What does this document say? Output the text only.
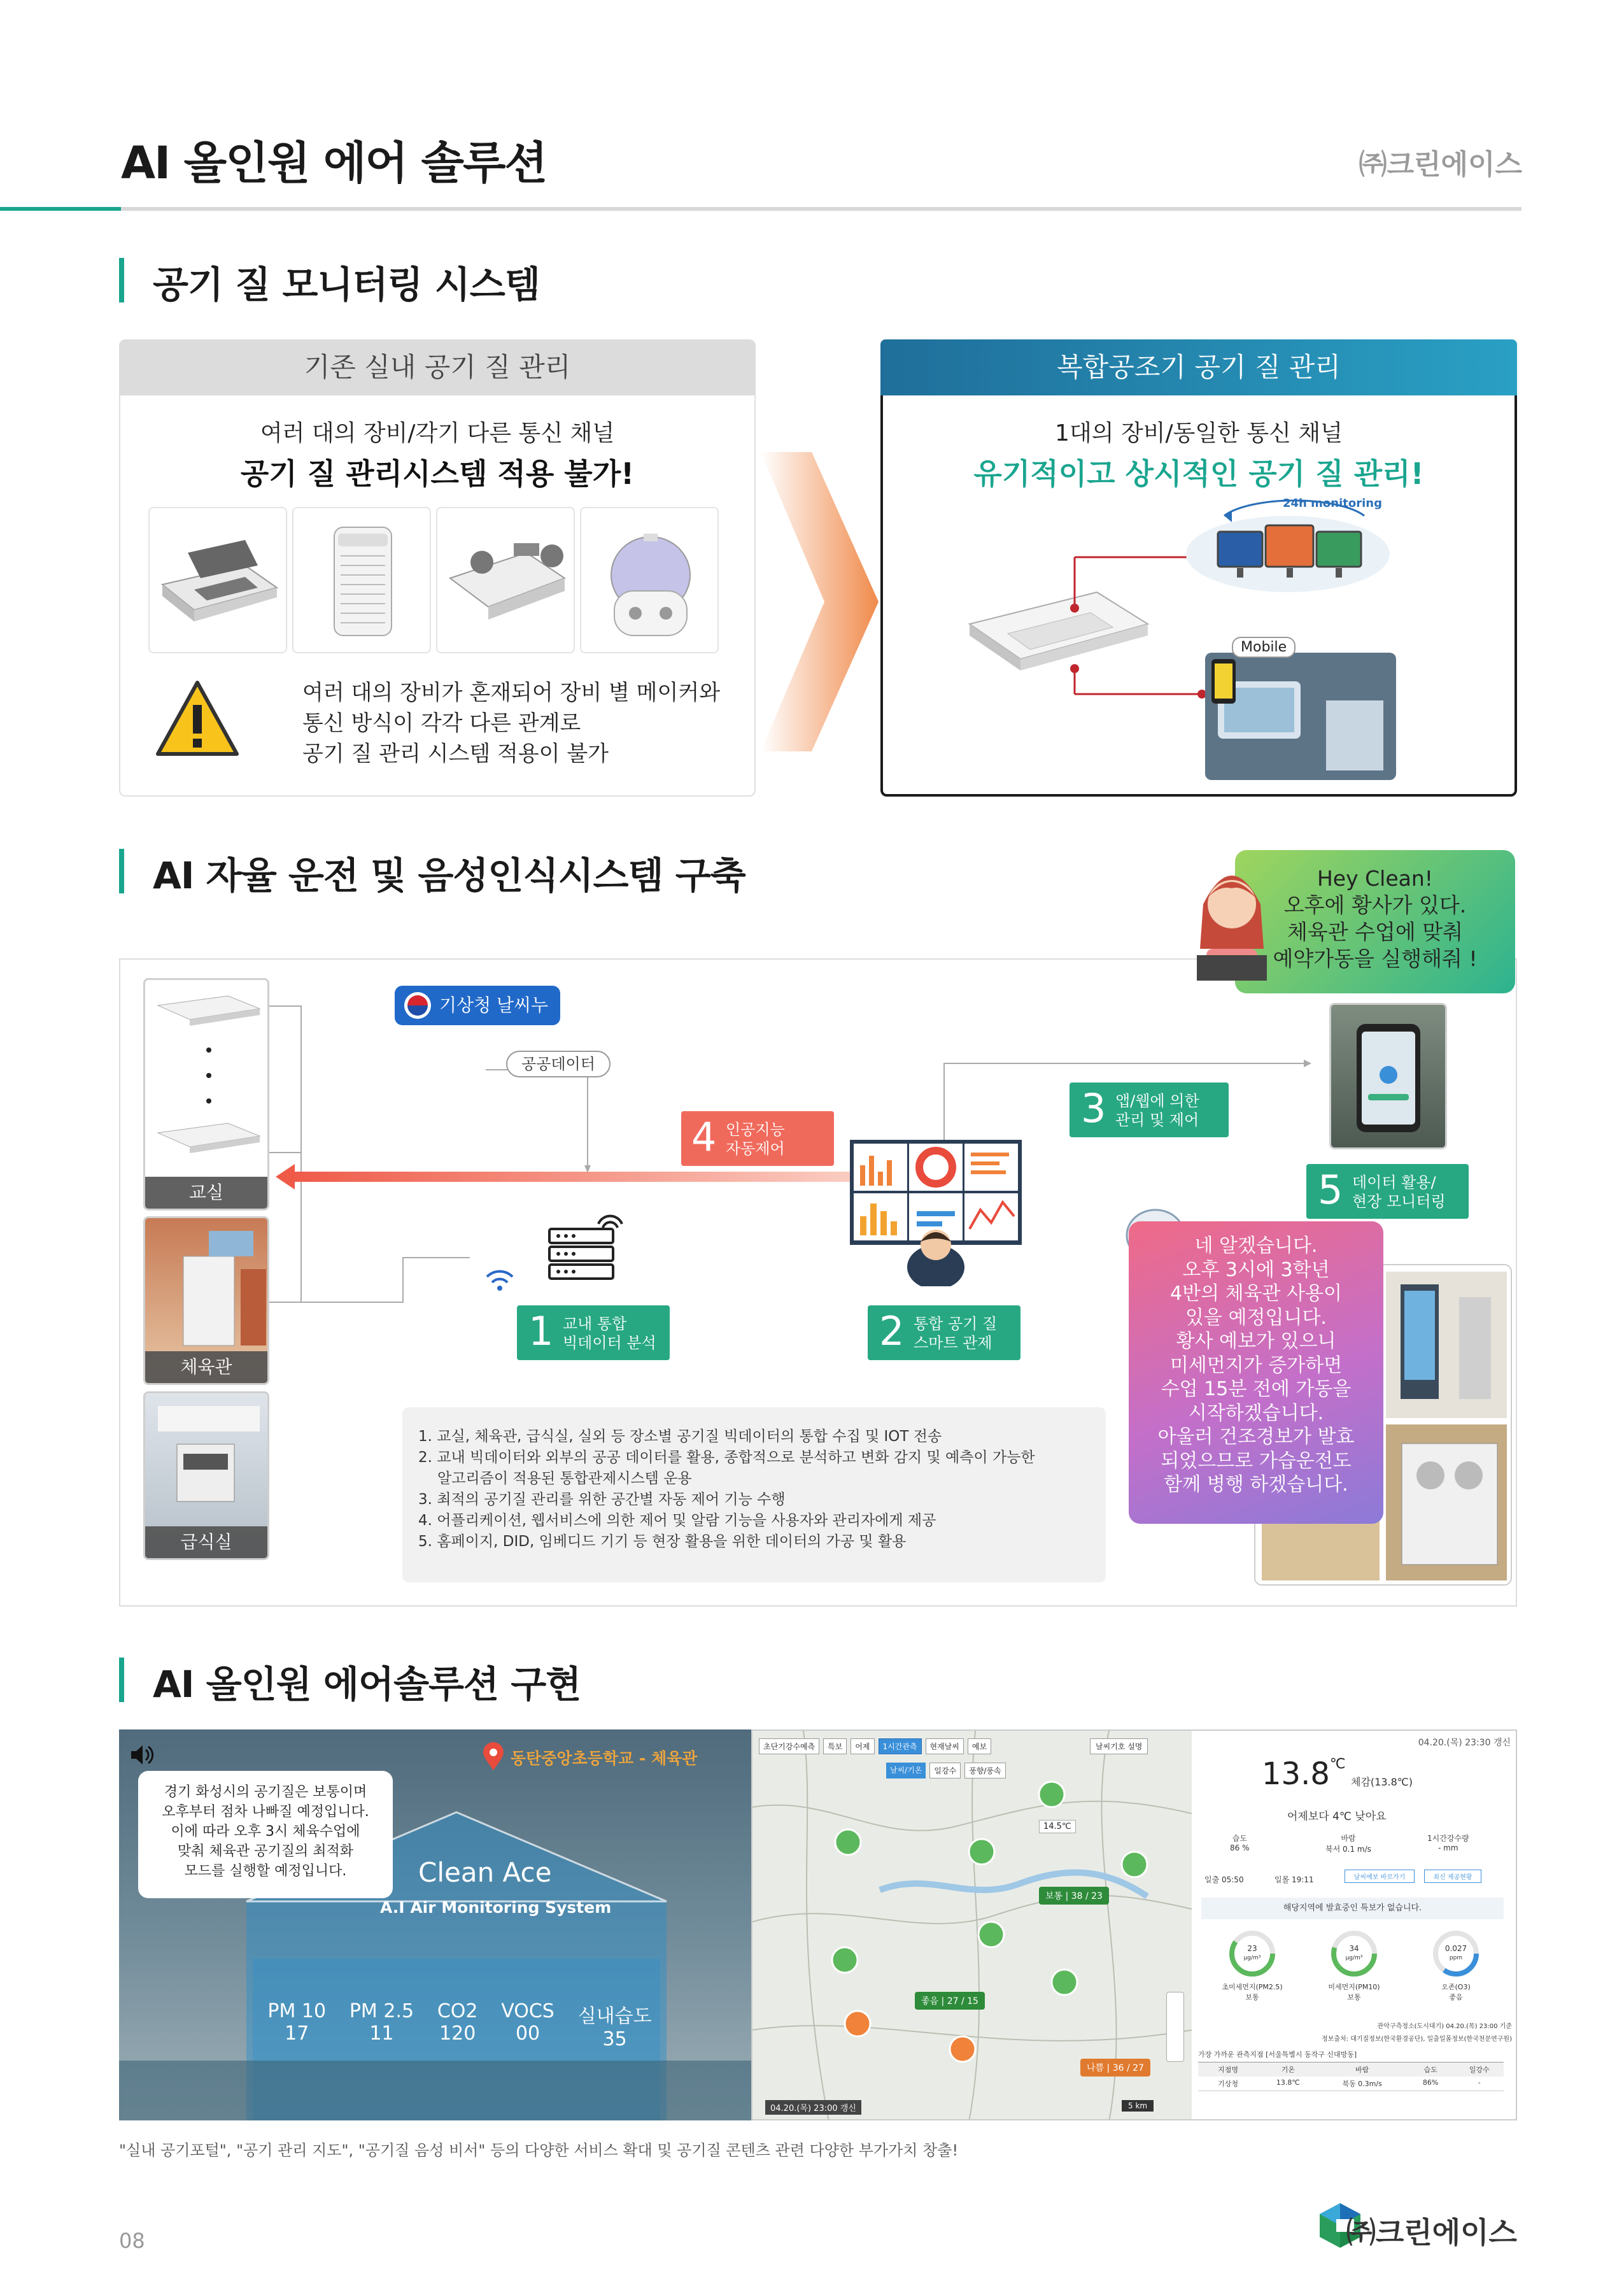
AI 올인원 에어 솔루션	㈜크린에이스
공기 질 모니터링 시스템
기존 실내 공기 질 관리
여러 대의 장비/각기 다른 통신 채널
공기 질 관리시스템 적용 불가!
여러 대의 장비가 혼재되어 장비 별 메이커와
통신 방식이 각각 다른 관계로
공기 질 관리 시스템 적용이 불가
복합공조기 공기 질 관리
1대의 장비/동일한 통신 채널
유기적이고 상시적인 공기 질 관리!
24h monitoring
Mobile
AI 자율 운전 및 음성인식시스템 구축	Hey Clean!
오후에 황사가 있다.
체육관 수업에 맞춰
예약가동을 실행해줘 !
교실
체육관
급식실
기상청 날씨누리
공공데이터
4 인공지능
자동제어
1 교내 통합
빅데이터 분석	2 통합 공기 질
스마트 관제
3 앱/웹에 의한
관리 및 제어
5 데이터 활용/
현장 모니터링
네 알겠습니다.
오후 3시에 3학년
4반의 체육관 사용이
있을 예정입니다.
황사 예보가 있으니
미세먼지가 증가하면
수업 15분 전에 가동을
시작하겠습니다.
아울러 건조경보가 발효
되었으므로 가습운전도
함께 병행 하겠습니다.
1. 교실, 체육관, 급식실, 실외 등 장소별 공기질 빅데이터의 통합 수집 및 IOT 전송
2. 교내 빅데이터와 외부의 공공 데이터를 활용, 종합적으로 분석하고 변화 감지 및 예측이 가능한
알고리즘이 적용된 통합관제시스템 운용
3. 최적의 공기질 관리를 위한 공간별 자동 제어 기능 수행
4. 어플리케이션, 웹서비스에 의한 제어 및 알람 기능을 사용자와 관리자에게 제공
5. 홈페이지, DID, 임베디드 기기 등 현장 활용을 위한 데이터의 가공 및 활용
AI 올인원 에어솔루션 구현
경기 화성시의 공기질은 보통이며
오후부터 점차 나빠질 예정입니다.
이에 따라 오후 3시 체육수업에
맞춰 체육관 공기질의 최적화
모드를 실행할 예정입니다.
동탄중앙초등학교 - 체육관
Clean Ace
A.I Air Monitoring System
PM 10
17
PM 2.5
11
CO2
120
VOCS
00
실내습도
35
초단기강수예측	특보	어제	1시간관측	현재날씨	예보
날씨/기온	일강수	풍향/풍속
날씨기호 설명
보통 | 38 / 23
좋음 | 27 / 15
나쁨 | 36 / 27
14.5℃
04.20.(목) 23:00 갱신	5 km
04.20.(목) 23:30 갱신
13.8℃
체감(13.8℃)
어제보다 4℃ 낮아요
습도
86 %
바람
북서 0.1 m/s
1시간강수량
- mm
일출 05:50	일몰 19:11	날씨예보 바로가기	최신 제공현황
해당지역에 발효중인 특보가 없습니다.
23	34	0.027
μg/m³	μg/m³	ppm
초미세먼지(PM2.5)
보통
미세먼지(PM10)
보통
오존(O3)
좋음
관악구측정소(도시대기) 04.20.(목) 23:00 기준
정보출처: 대기질정보(한국환경공단), 일출일몰정보(한국천문연구원)
가장 가까운 관측지점 [서울특별시 동작구 신대방동]
지점명	기온	바람	습도	일강수
기상청	13.8℃	북동 0.3m/s	86%	-
"실내 공기포털", "공기 관리 지도", "공기질 음성 비서" 등의 다양한 서비스 확대 및 공기질 콘텐츠 관련 다양한 부가가치 창출!
08	㈜크린에이스
